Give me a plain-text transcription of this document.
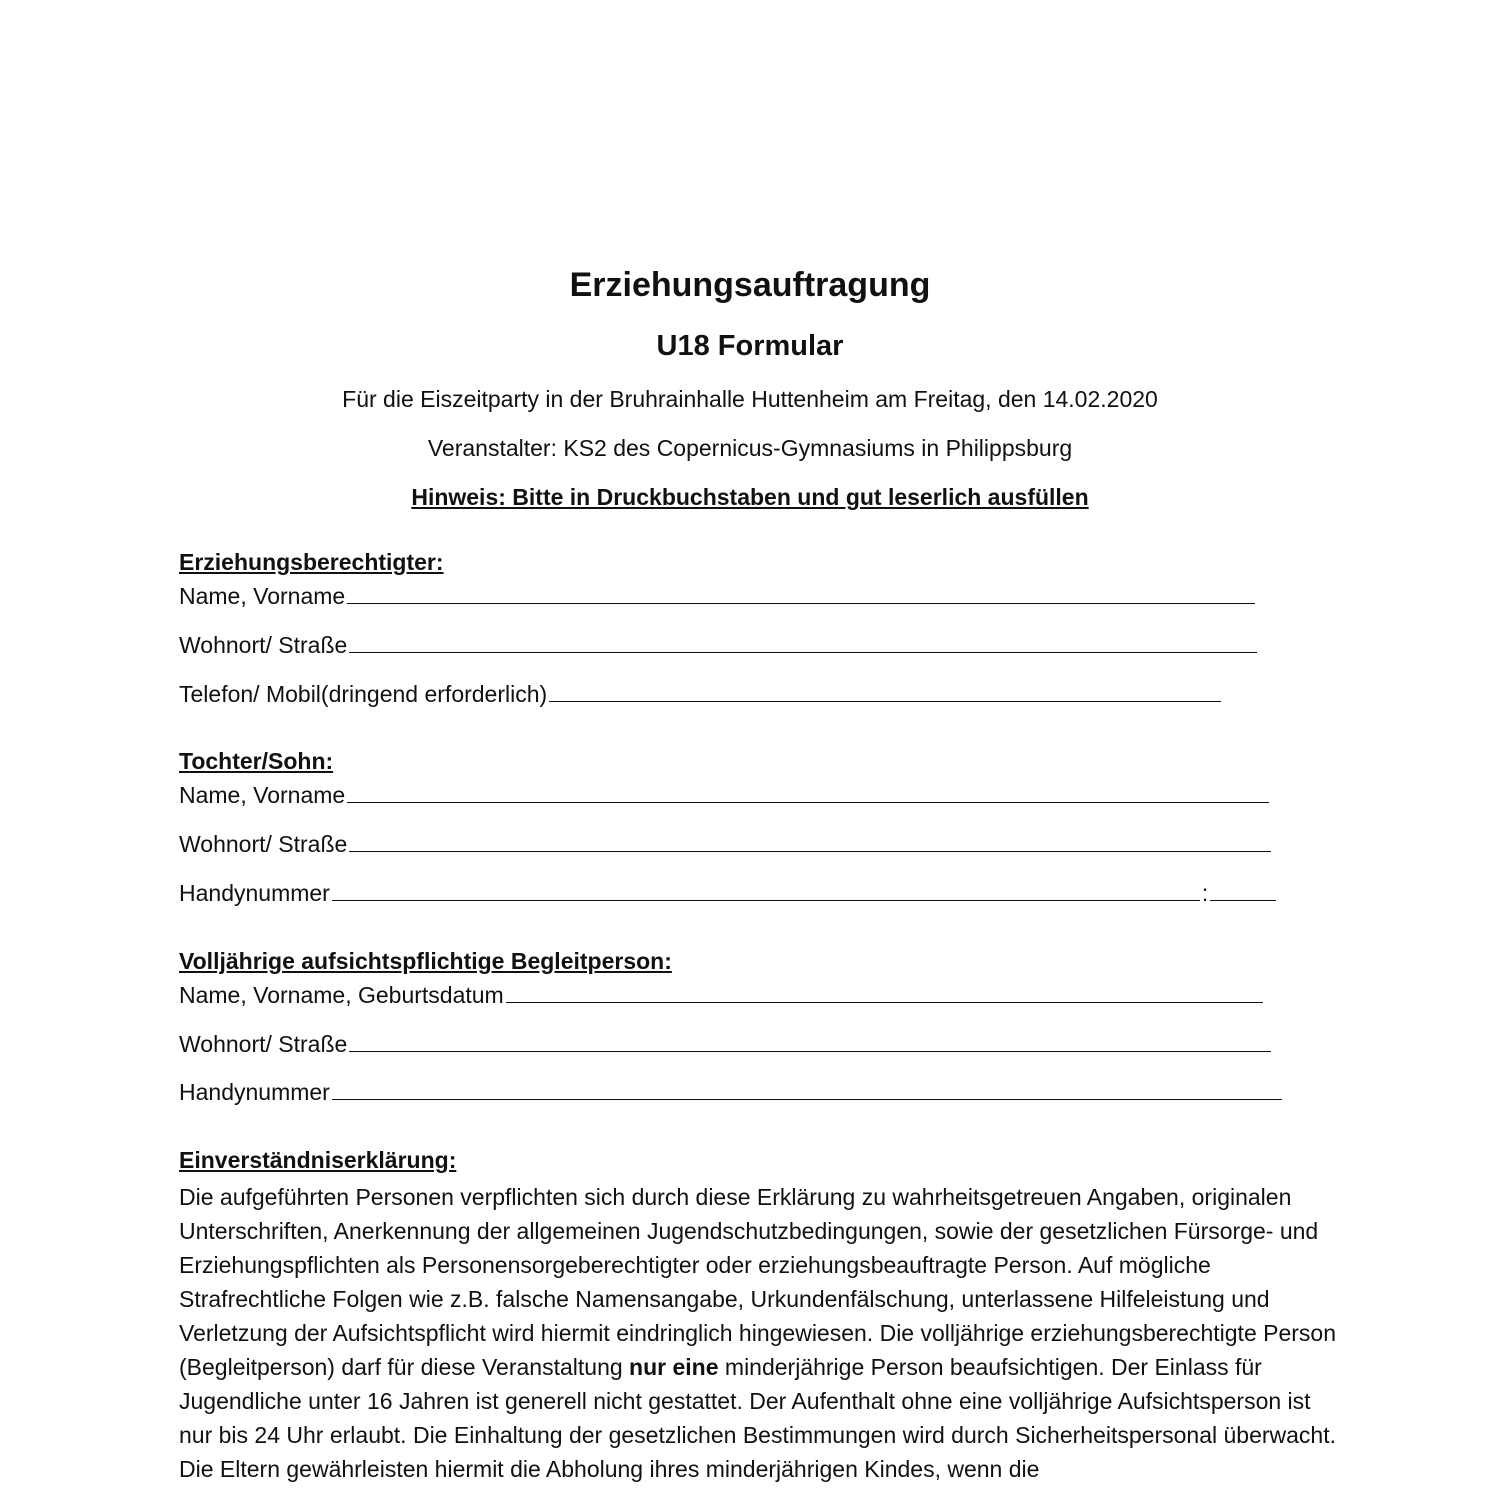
Erziehungsauftragung
U18 Formular
Für die Eiszeitparty in der Bruhrainhalle Huttenheim am Freitag, den 14.02.2020
Veranstalter: KS2 des Copernicus-Gymnasiums in Philippsburg
Hinweis: Bitte in Druckbuchstaben und gut leserlich ausfüllen
Erziehungsberechtigter:
Name, Vorname
Wohnort/ Straße
Telefon/ Mobil(dringend erforderlich)
Tochter/Sohn:
Name, Vorname
Wohnort/ Straße
Handynummer	:
Volljährige aufsichtspflichtige Begleitperson:
Name, Vorname, Geburtsdatum
Wohnort/ Straße
Handynummer
Einverständniserklärung:
Die aufgeführten Personen verpflichten sich durch diese Erklärung zu wahrheitsgetreuen Angaben, originalen Unterschriften, Anerkennung der allgemeinen Jugendschutzbedingungen, sowie der gesetzlichen Fürsorge- und Erziehungspflichten als Personensorgeberechtigter oder erziehungsbeauftragte Person. Auf mögliche Strafrechtliche Folgen wie z.B. falsche Namensangabe, Urkundenfälschung, unterlassene Hilfeleistung und Verletzung der Aufsichtspflicht wird hiermit eindringlich hingewiesen. Die volljährige erziehungsberechtigte Person (Begleitperson) darf für diese Veranstaltung nur eine minderjährige Person beaufsichtigen. Der Einlass für Jugendliche unter 16 Jahren ist generell nicht gestattet. Der Aufenthalt ohne eine volljährige Aufsichtsperson ist nur bis 24 Uhr erlaubt. Die Einhaltung der gesetzlichen Bestimmungen wird durch Sicherheitspersonal überwacht. Die Eltern gewährleisten hiermit die Abholung ihres minderjährigen Kindes, wenn die
